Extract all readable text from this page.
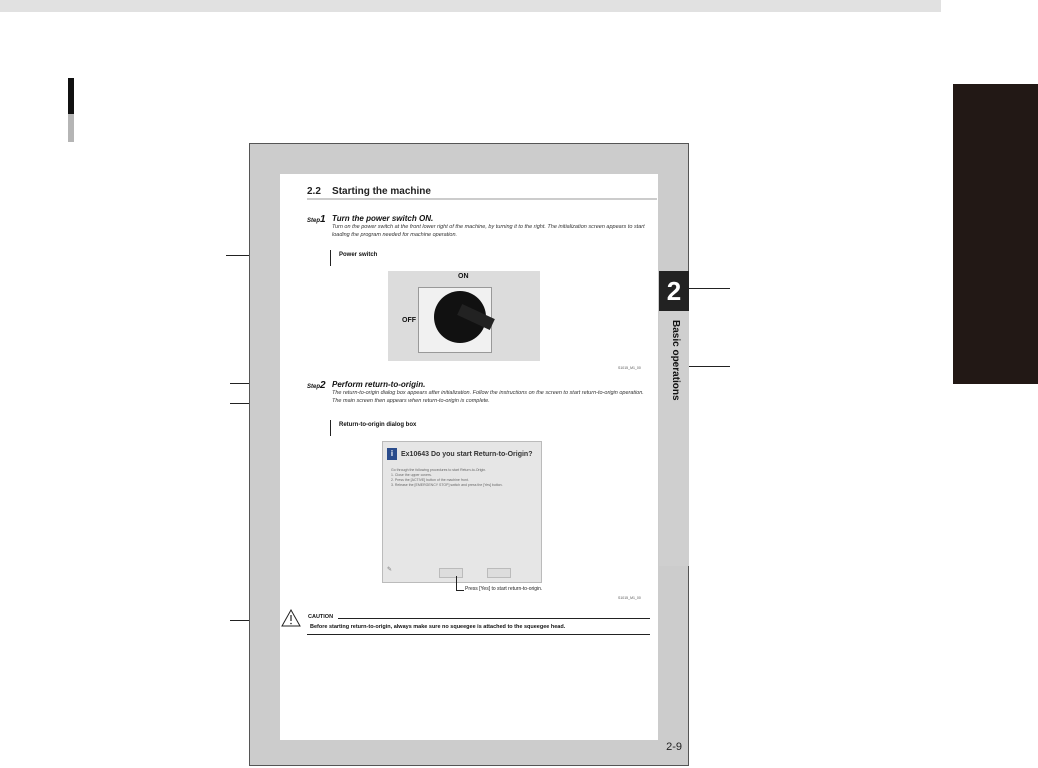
2
Basic operations
2.2 Starting the machine
Step1 Turn the power switch ON.
Turn on the power switch at the front lower right of the machine, by turning it to the right. The initialization screen appears to start loading the program needed for machine operation.
Power switch
ON
OFF
S1015_M1_00
Step2 Perform return-to-origin.
The return-to-origin dialog box appears after initialization. Follow the instructions on the screen to start return-to-origin operation. The main screen then appears when return-to-origin is complete.
Return-to-origin dialog box
i	Ex10643 Do you start Return-to-Origin?
Go through the following procedures to start Return-to-Origin.
1. Close the upper covers.
2. Press the [ACTIVE] button of the machine front.
3. Release the [EMERGENCY STOP] switch and press the [Yes] button.
✎
Press [Yes] to start return-to-origin.
S1015_M1_00
CAUTION
Before starting return-to-origin, always make sure no squeegee is attached to the squeegee head.
2-9
